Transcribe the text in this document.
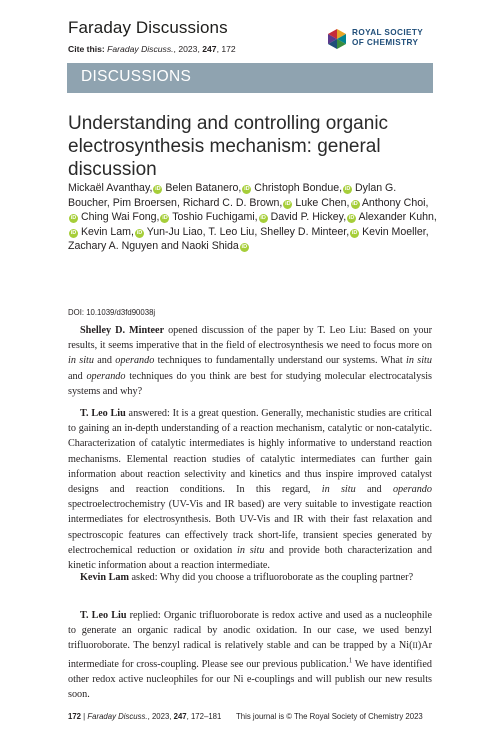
Faraday Discussions
Cite this: Faraday Discuss., 2023, 247, 172
ROYAL SOCIETY
OF CHEMISTRY
DISCUSSIONS
Understanding and controlling organic electrosynthesis mechanism: general discussion
Mickaël Avanthay, iD Belen Batanero, iD Christoph Bondue, iD Dylan G. Boucher, Pim Broersen, Richard C. D. Brown, iD Luke Chen, iD Anthony Choi,iD Ching Wai Fong, iD Toshio Fuchigami, iD David P. Hickey, iD Alexander Kuhn,iD Kevin Lam, iD Yun-Ju Liao, T. Leo Liu, Shelley D. Minteer, iD Kevin Moeller, Zachary A. Nguyen and Naoki Shida iD
DOI: 10.1039/d3fd90038j
Shelley D. Minteer opened discussion of the paper by T. Leo Liu: Based on your results, it seems imperative that in the field of electrosynthesis we need to focus more on in situ and operando techniques to fundamentally understand our systems. What in situ and operando techniques do you think are best for studying molecular electrocatalysis systems and why?
T. Leo Liu answered: It is a great question. Generally, mechanistic studies are critical to gaining an in-depth understanding of a reaction mechanism, catalytic or non-catalytic. Characterization of catalytic intermediates is highly informative to understand reaction mechanisms. Elemental reaction studies of catalytic intermediates can further gain information about reaction selectivity and kinetics and thus inspire improved catalyst designs and reaction conditions. In this regard, in situ and operando spectroelectrochemistry (UV-Vis and IR based) are very suitable to investigate reaction intermediates for electrosynthesis. Both UV-Vis and IR with their fast relaxation and spectroscopic features can effectively track short-life, transient species generated by electrochemical reduction or oxidation in situ and provide both characterization and kinetic information about a reaction intermediate.
Kevin Lam asked: Why did you choose a trifluoroborate as the coupling partner?
T. Leo Liu replied: Organic trifluoroborate is redox active and used as a nucleophile to generate an organic radical by anodic oxidation. In our case, we used benzyl trifluoroborate. The benzyl radical is relatively stable and can be trapped by a Ni(II)Ar intermediate for cross-coupling. Please see our previous publication.$^1$ We have identified other redox active nucleophiles for our Ni e-couplings and will publish our new results soon.
172 | Faraday Discuss., 2023, 247, 172–181 This journal is © The Royal Society of Chemistry 2023
